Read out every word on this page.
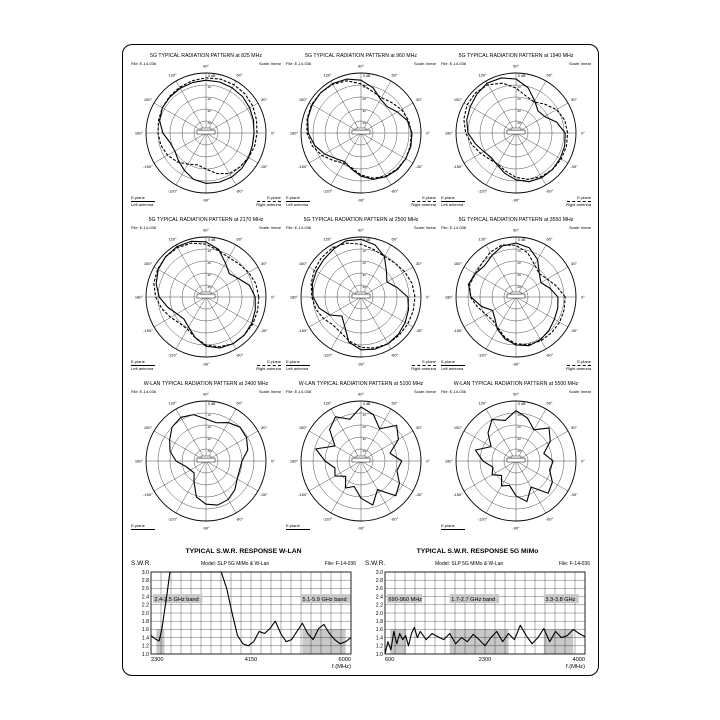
5G TYPICAL RADIATION PATTERN at 825 MHz
File: E-14-036	Scale: linear
90°
60°
30°
0°
-30°
-60°
-90°
-120°
-150°
180°
150°
120°	0 dB
10
20
30
40
E-plane
Left antenna
E-plane
Right antenna
5G TYPICAL RADIATION PATTERN at 960 MHz
File: E-14-036	Scale: linear
90°
60°
30°
0°
-30°
-60°
-90°
-120°
-150°
180°
150°
120°	0 dB
10
20
30
40
E-plane
Left antenna
E-plane
Right antenna
5G TYPICAL RADIATION PATTERN at 1940 MHz
File: E-14-036	Scale: linear
90°
60°
30°
0°
-30°
-60°
-90°
-120°
-150°
180°
150°
120°	0 dB
10
20
30
40
E-plane
Left antenna
E-plane
Right antenna
5G TYPICAL RADIATION PATTERN at 2170 MHz
File: E-14-036	Scale: linear
90°
60°
30°
0°
-30°
-60°
-90°
-120°
-150°
180°
150°
120°	0 dB
10
20
30
40
E-plane
Left antenna
E-plane
Right antenna
5G TYPICAL RADIATION PATTERN at 2500 MHz
File: E-14-036	Scale: linear
90°
60°
30°
0°
-30°
-60°
-90°
-120°
-150°
180°
150°
120°	0 dB
10
20
30
40
E-plane
Left antenna
E-plane
Right antenna
5G TYPICAL RADIATION PATTERN at 3550 MHz
File: E-14-036	Scale: linear
90°
60°
30°
0°
-30°
-60°
-90°
-120°
-150°
180°
150°
120°	0 dB
10
20
30
40
E-plane
Left antenna
E-plane
Right antenna
W-LAN TYPICAL RADIATION PATTERN at 2400 MHz
File: E-14-036	Scale: linear
90°
60°
30°
0°
-30°
-60°
-90°
-120°
-150°
180°
150°
120°	0 dB
10
20
30
40
E-plane
W-LAN TYPICAL RADIATION PATTERN at 5100 MHz
File: E-14-036	Scale: linear
90°
60°
30°
0°
-30°
-60°
-90°
-120°
-150°
180°
150°
120°	0 dB
10
20
30
40
E-plane
W-LAN TYPICAL RADIATION PATTERN at 5500 MHz
File: E-14-036	Scale: linear
90°
60°
30°
0°
-30°
-60°
-90°
-120°
-150°
180°
150°
120°	0 dB
10
20
30
40
E-plane
TYPICAL S.W.R. RESPONSE W-LAN
S.W.R.	Model: SLP 5G MiMo & W-Lan	File: F-14-036
2.4-2.5 GHz band	5.1-5.9 GHz band
1.0
1.2
1.4
1.6
1.8
2.0
2.2
2.4
2.6
2.8
3.0
2300	4150	6000
f.(MHz)
TYPICAL S.W.R. RESPONSE 5G MiMo
S.W.R.	Model: SLP 5G MiMo & W-Lan	File: F-14-036
690-960 MHz	1.7-2.7 GHz band	3.3-3.8 GHz
1.0
1.2
1.4
1.6
1.8
2.0
2.2
2.4
2.6
2.8
3.0
600	2300	4000
f.(MHz)
